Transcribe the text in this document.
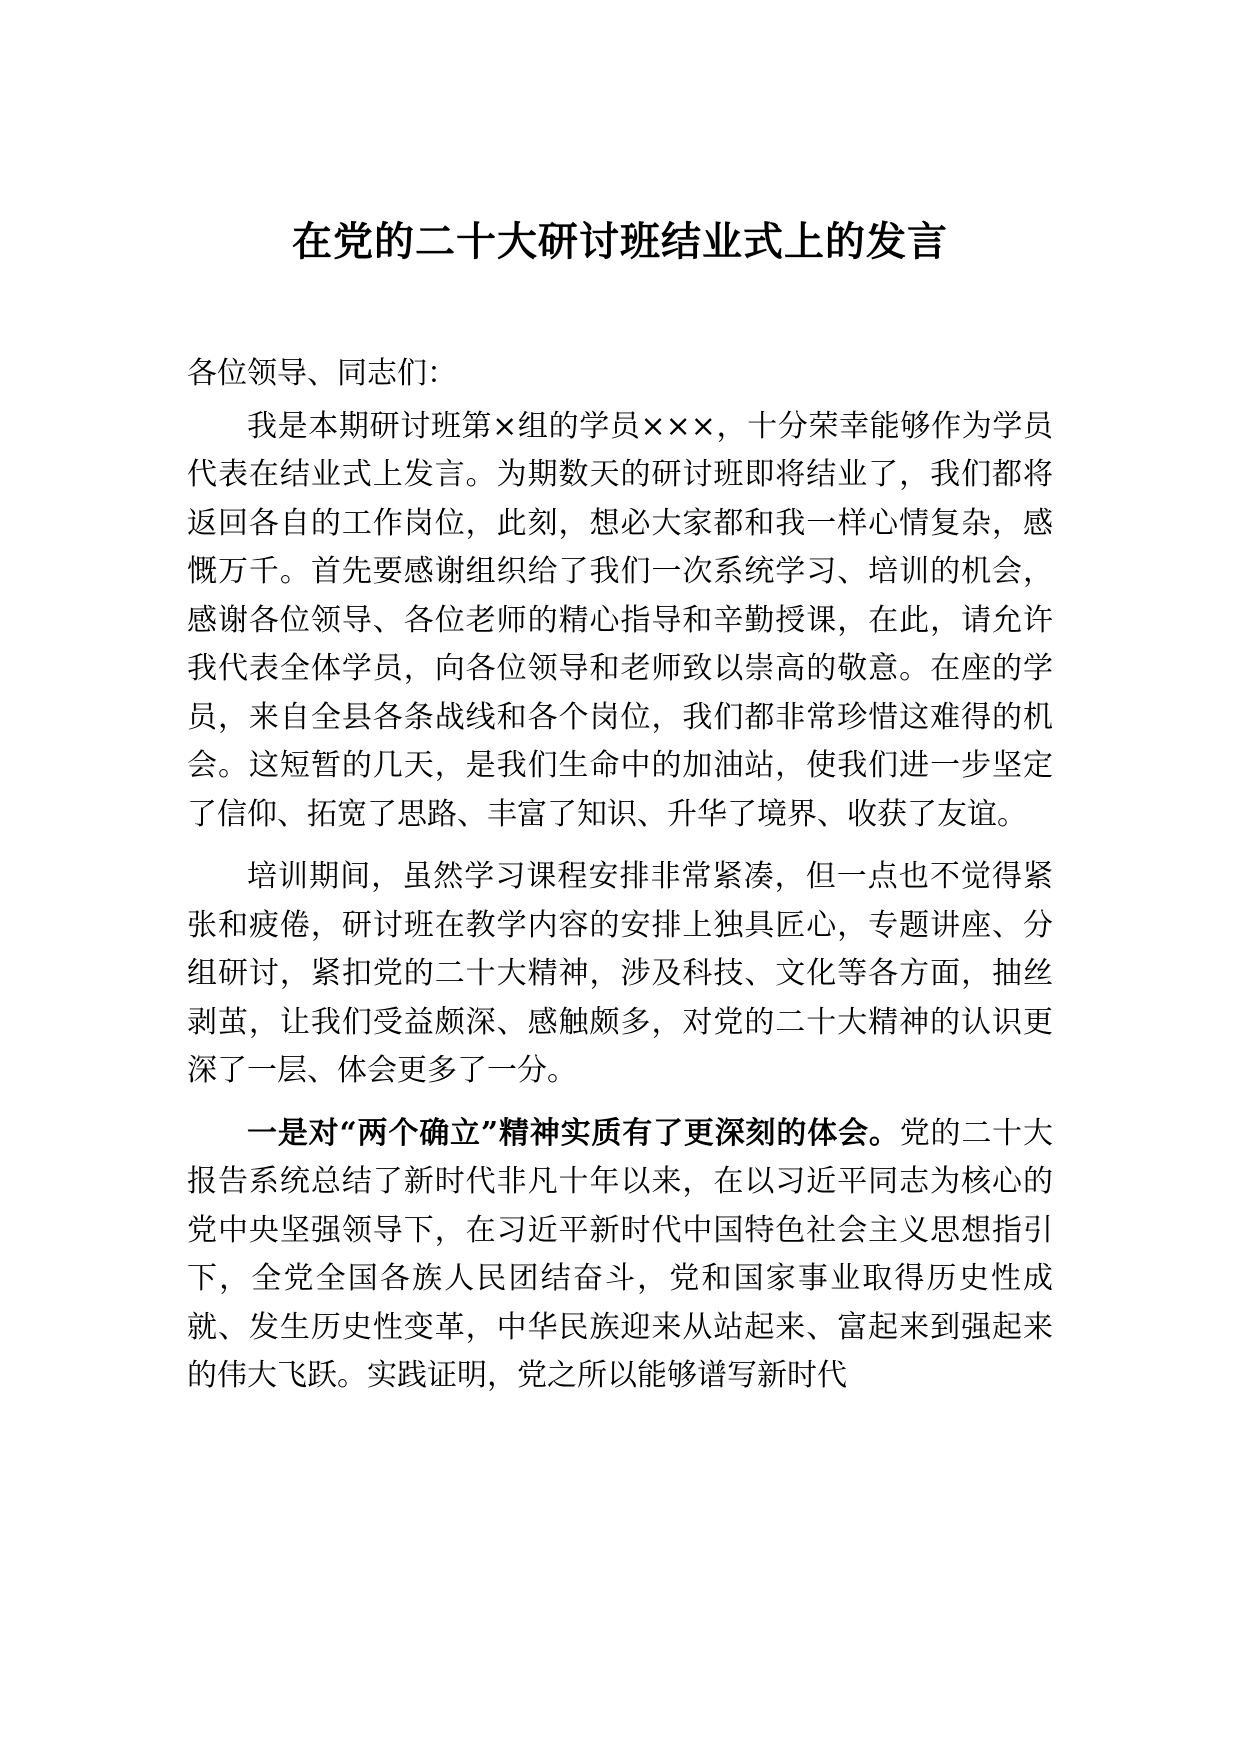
在党的二十大研讨班结业式上的发言

各位领导、同志们：

我是本期研讨班第×组的学员×××，十分荣幸能够作为学员代表在结业式上发言。为期数天的研讨班即将结业了，我们都将返回各自的工作岗位，此刻，想必大家都和我一样心情复杂，感慨万千。首先要感谢组织给了我们一次系统学习、培训的机会，感谢各位领导、各位老师的精心指导和辛勤授课，在此，请允许我代表全体学员，向各位领导和老师致以崇高的敬意。在座的学员，来自全县各条战线和各个岗位，我们都非常珍惜这难得的机会。这短暂的几天，是我们生命中的加油站，使我们进一步坚定了信仰、拓宽了思路、丰富了知识、升华了境界、收获了友谊。

培训期间，虽然学习课程安排非常紧凑，但一点也不觉得紧张和疲倦，研讨班在教学内容的安排上独具匠心，专题讲座、分组研讨，紧扣党的二十大精神，涉及科技、文化等各方面，抽丝剥茧，让我们受益颇深、感触颇多，对党的二十大精神的认识更深了一层、体会更多了一分。

一是对“两个确立”精神实质有了更深刻的体会。党的二十大报告系统总结了新时代非凡十年以来，在以习近平同志为核心的党中央坚强领导下，在习近平新时代中国特色社会主义思想指引下，全党全国各族人民团结奋斗，党和国家事业取得历史性成就、发生历史性变革，中华民族迎来从站起来、富起来到强起来的伟大飞跃。实践证明，党之所以能够谱写新时代
